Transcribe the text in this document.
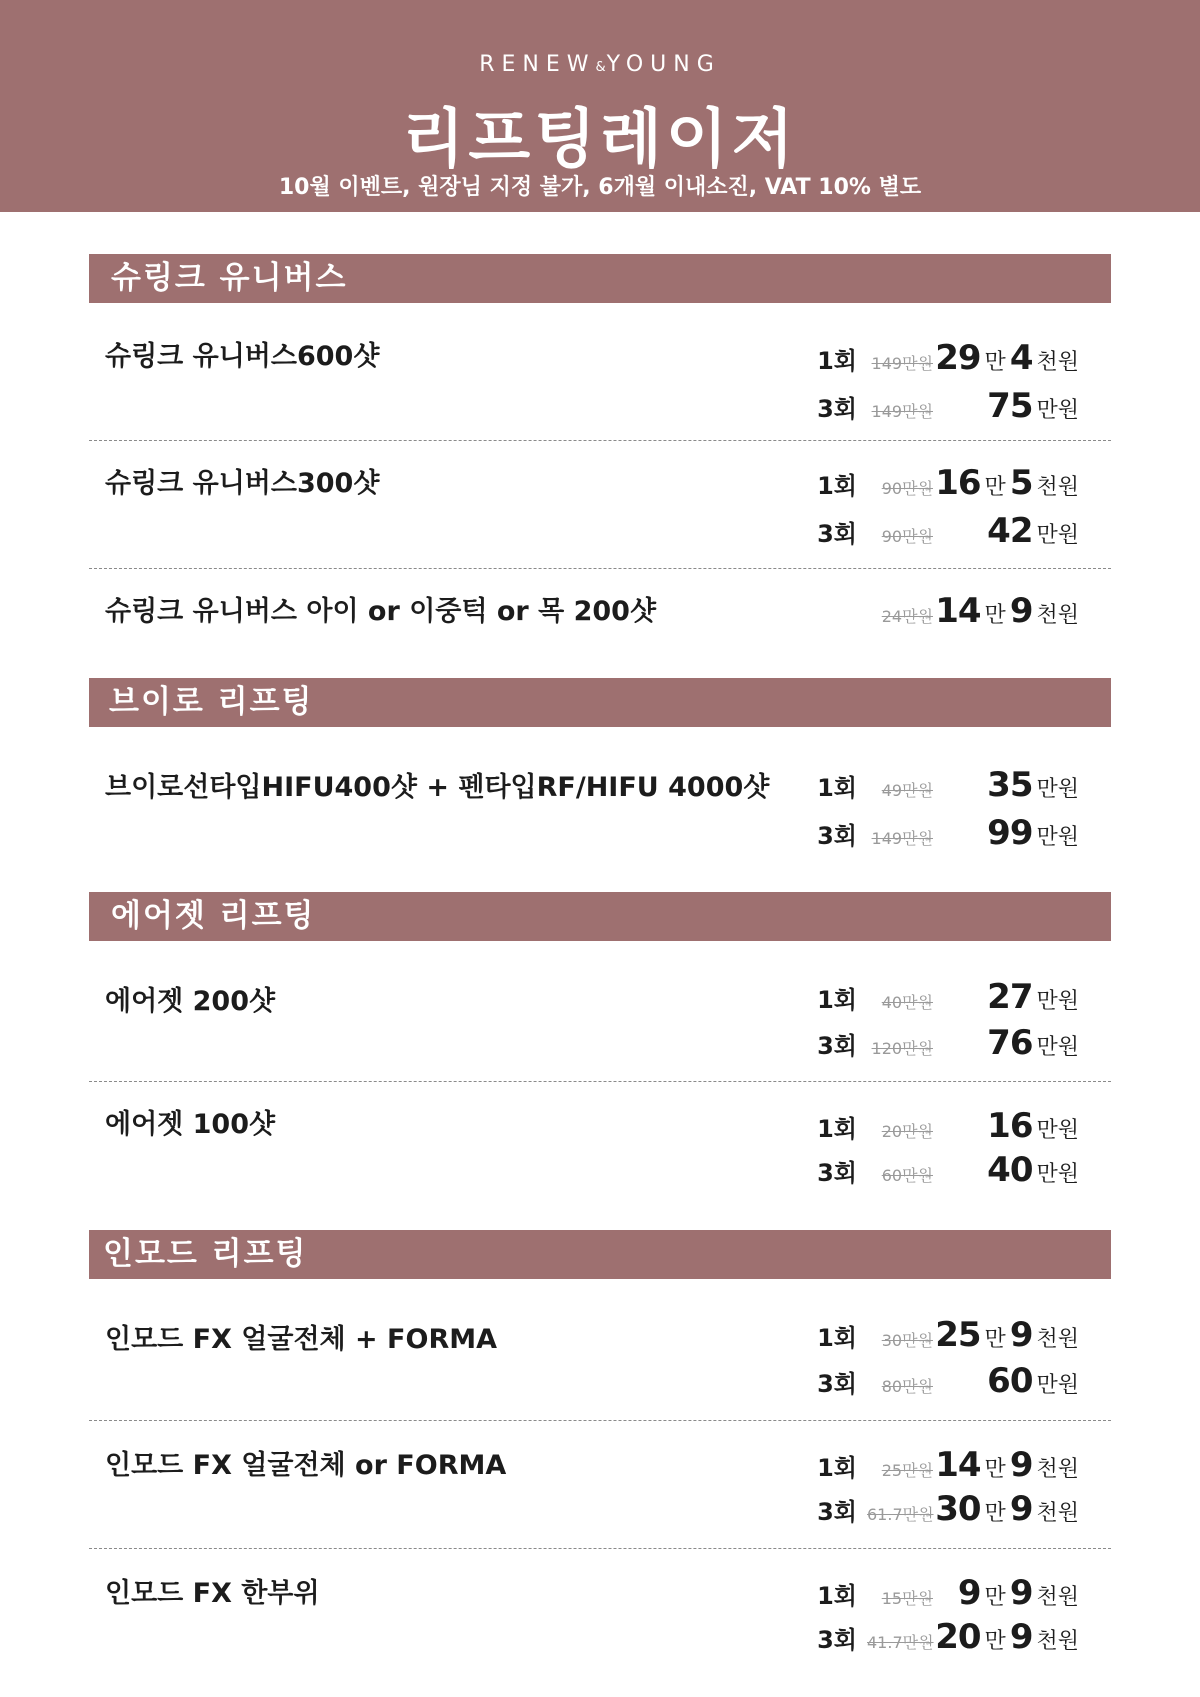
RENEW&YOUNG
리프팅레이저
10월 이벤트, 원장님 지정 불가, 6개월 이내소진, VAT 10% 별도
슈링크 유니버스
슈링크 유니버스600샷	1회 149만원 29 만 4 천원
3회 149만원 75 만원
슈링크 유니버스300샷	1회	90만원 16 만 5 천원
3회	90만원 42 만원
슈링크 유니버스 아이 or 이중턱 or 목 200샷	24만원 14 만 9 천원
브이로 리프팅
브이로선타입HIFU400샷 + 펜타입RF/HIFU 4000샷 1회	49만원 35 만원
3회 149만원 99 만원
에어젯 리프팅
에어젯 200샷	1회	40만원 27 만원
3회 120만원 76 만원
에어젯 100샷	1회	20만원 16 만원
3회	60만원 40 만원
인모드 리프팅
인모드 FX 얼굴전체 + FORMA	1회	30만원 25 만 9 천원
3회	80만원 60 만원
인모드 FX 얼굴전체 or FORMA	1회	25만원 14 만 9 천원
3회 61.7만원 30 만 9 천원
인모드 FX 한부위	1회	15만원 9 만 9 천원
3회 41.7만원 20 만 9 천원
